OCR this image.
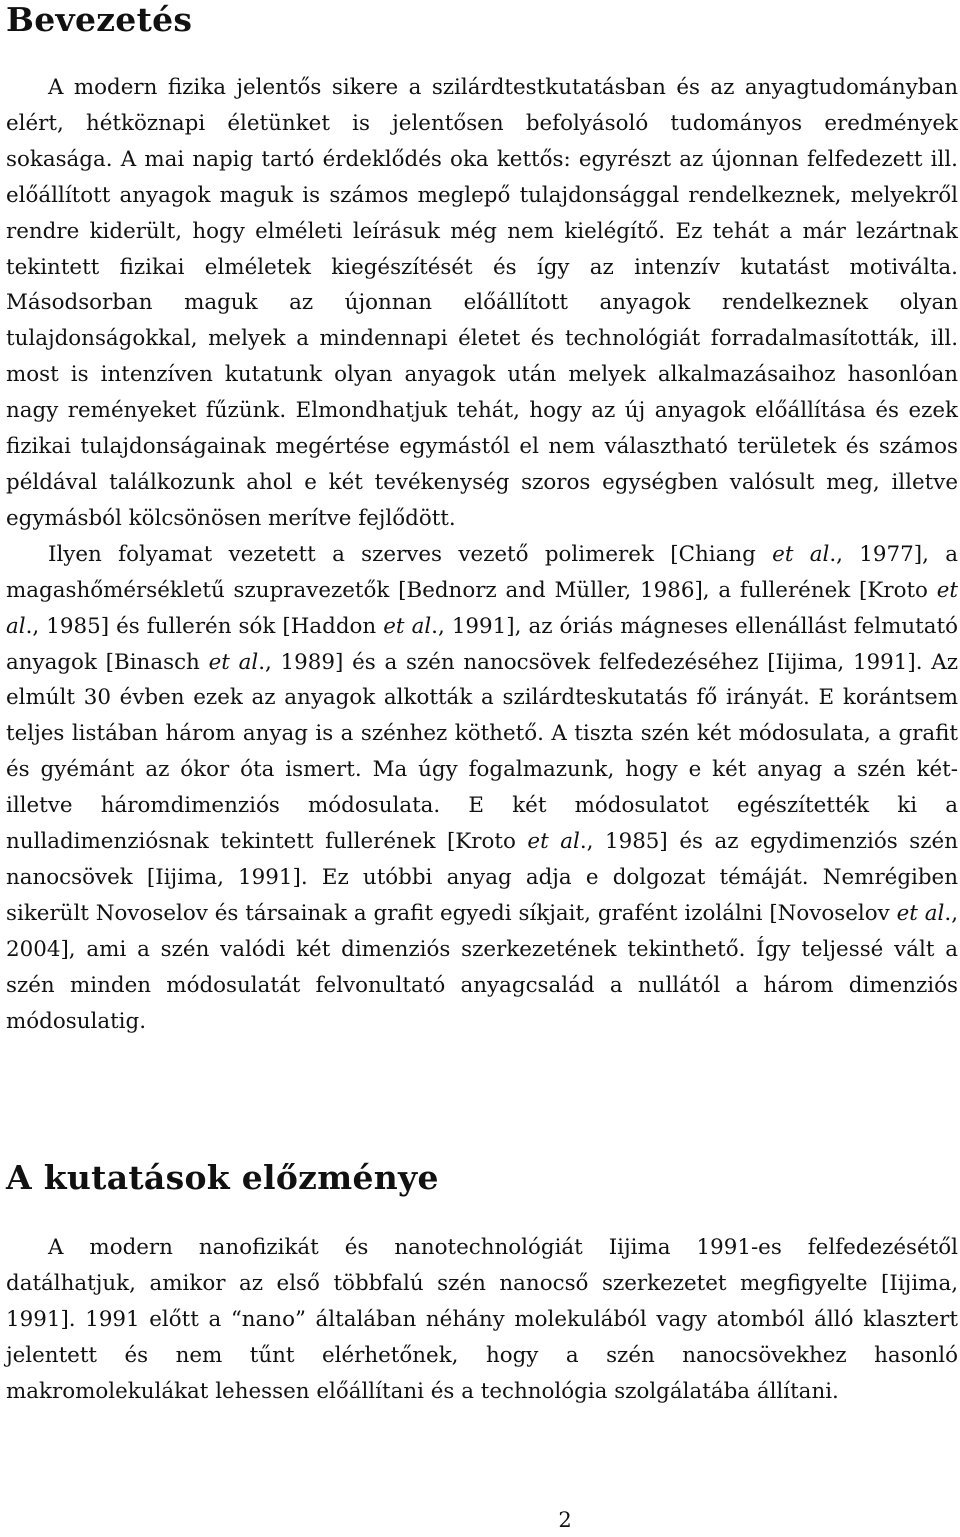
Bevezetés

A modern fizika jelentős sikere a szilárdtestkutatásban és az anyagtudományban elért, hétköznapi életünket is jelentősen befolyásoló tudományos eredmények sokasága. A mai napig tartó érdeklődés oka kettős: egyrészt az újonnan felfedezett ill. előállított anyagok maguk is számos meglepő tulajdonsággal rendelkeznek, melyekről rendre kiderült, hogy elméleti leírásuk még nem kielégítő. Ez tehát a már lezártnak tekintett fizikai elméletek kiegészítését és így az intenzív kutatást motiválta. Másodsorban maguk az újonnan előállított anyagok rendelkeznek olyan tulajdonságokkal, melyek a mindennapi életet és technológiát forradalmasították, ill. most is intenzíven kutatunk olyan anyagok után melyek alkalmazásaihoz hasonlóan nagy reményeket fűzünk. Elmondhatjuk tehát, hogy az új anyagok előállítása és ezek fizikai tulajdonságainak megértése egymástól el nem választható területek és számos példával találkozunk ahol e két tevékenység szoros egységben valósult meg, illetve egymásból kölcsönösen merítve fejlődött.

Ilyen folyamat vezetett a szerves vezető polimerek [Chiang et al., 1977], a magashőmérsékletű szupravezetők [Bednorz and Müller, 1986], a fullerének [Kroto et al., 1985] és fullerén sók [Haddon et al., 1991], az óriás mágneses ellenállást felmutató anyagok [Binasch et al., 1989] és a szén nanocsövek felfedezéséhez [Iijima, 1991]. Az elmúlt 30 évben ezek az anyagok alkották a szilárdteskutatás fő irányát. E korántsem teljes listában három anyag is a szénhez köthető. A tiszta szén két módosulata, a grafit és gyémánt az ókor óta ismert. Ma úgy fogalmazunk, hogy e két anyag a szén két- illetve háromdimenziós módosulata. E két módosulatot egészítették ki a nulladimenziósnak tekintett fullerének [Kroto et al., 1985] és az egydimenziós szén nanocsövek [Iijima, 1991]. Ez utóbbi anyag adja e dolgozat témáját. Nemrégiben sikerült Novoselov és társainak a grafit egyedi síkjait, grafént izolálni [Novoselov et al., 2004], ami a szén valódi két dimenziós szerkezetének tekinthető. Így teljessé vált a szén minden módosulatát felvonultató anyagcsalád a nullától a három dimenziós módosulatig.

A kutatások előzménye

A modern nanofizikát és nanotechnológiát Iijima 1991-es felfedezésétől datálhatjuk, amikor az első többfalú szén nanocső szerkezetet megfigyelte [Iijima, 1991]. 1991 előtt a “nano” általában néhány molekulából vagy atomból álló klasztert jelentett és nem tűnt elérhetőnek, hogy a szén nanocsövekhez hasonló makromolekulákat lehessen előállítani és a technológia szolgálatába állítani.

2
